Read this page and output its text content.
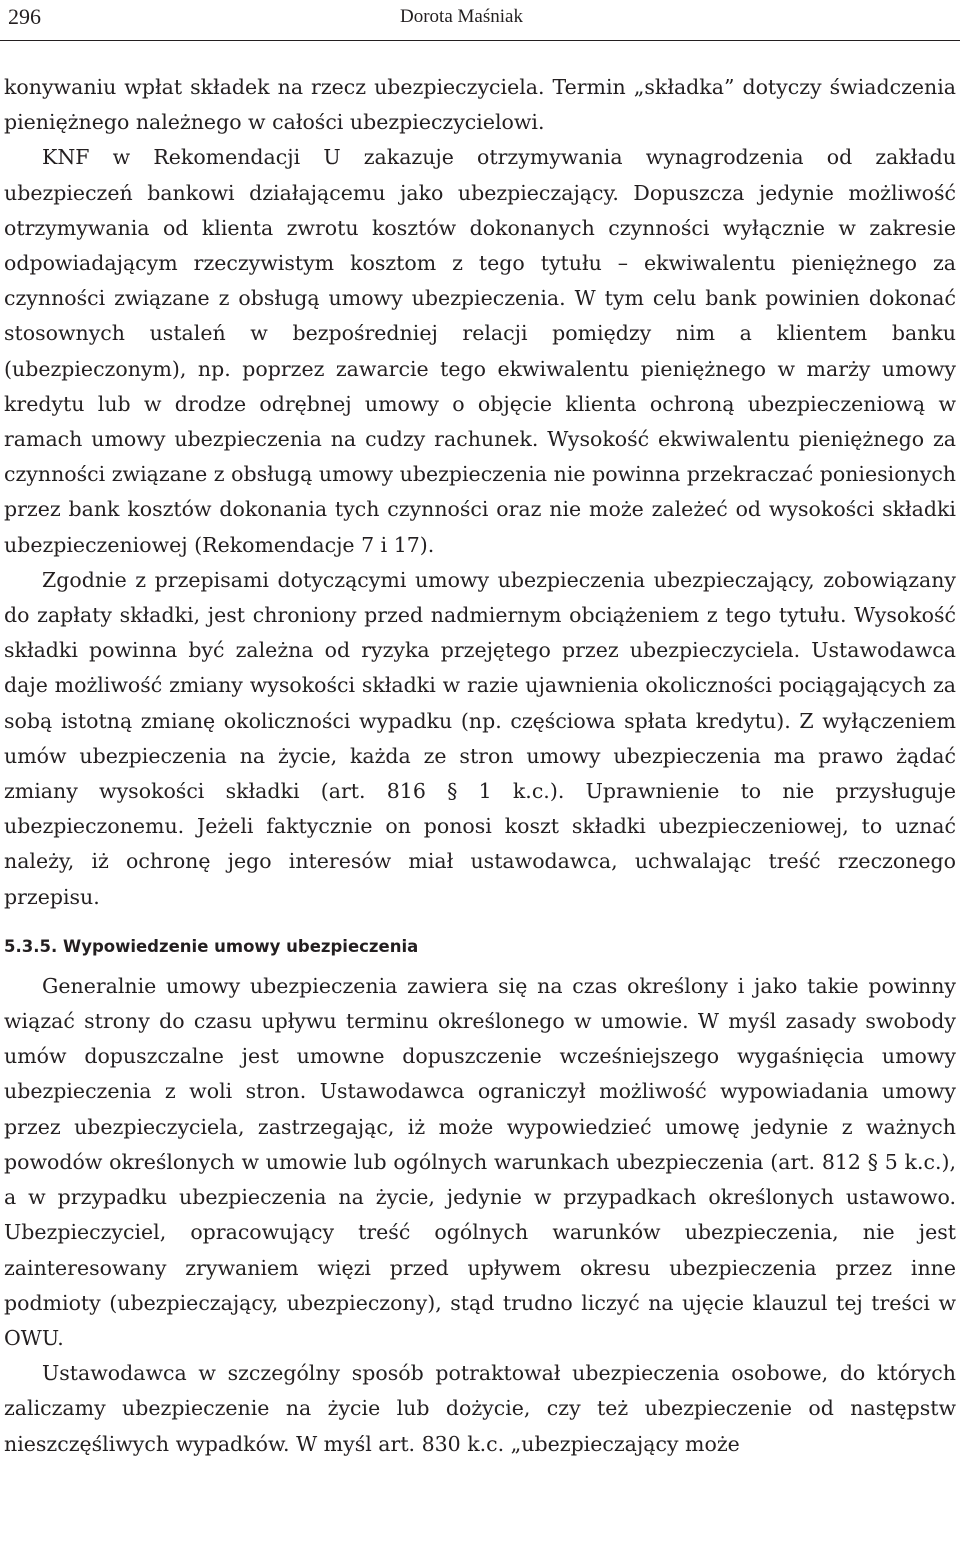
296	Dorota Maśniak

konywaniu wpłat składek na rzecz ubezpieczyciela. Termin „składka” dotyczy świadczenia pieniężnego należnego w całości ubezpieczycielowi.

KNF w Rekomendacji U zakazuje otrzymywania wynagrodzenia od zakładu ubezpieczeń bankowi działającemu jako ubezpieczający. Dopuszcza jedynie możliwość otrzymywania od klienta zwrotu kosztów dokonanych czynności wyłącznie w zakresie odpowiadającym rzeczywistym kosztom z tego tytułu – ekwiwalentu pieniężnego za czynności związane z obsługą umowy ubezpieczenia. W tym celu bank powinien dokonać stosownych ustaleń w bezpośredniej relacji pomiędzy nim a klientem banku (ubezpieczonym), np. poprzez zawarcie tego ekwiwalentu pieniężnego w marży umowy kredytu lub w drodze odrębnej umowy o objęcie klienta ochroną ubezpieczeniową w ramach umowy ubezpieczenia na cudzy rachunek. Wysokość ekwiwalentu pieniężnego za czynności związane z obsługą umowy ubezpieczenia nie powinna przekraczać poniesionych przez bank kosztów dokonania tych czynności oraz nie może zależeć od wysokości składki ubezpieczeniowej (Rekomendacje 7 i 17).

Zgodnie z przepisami dotyczącymi umowy ubezpieczenia ubezpieczający, zobowiązany do zapłaty składki, jest chroniony przed nadmiernym obciążeniem z tego tytułu. Wysokość składki powinna być zależna od ryzyka przejętego przez ubezpieczyciela. Ustawodawca daje możliwość zmiany wysokości składki w razie ujawnienia okoliczności pociągających za sobą istotną zmianę okoliczności wypadku (np. częściowa spłata kredytu). Z wyłączeniem umów ubezpieczenia na życie, każda ze stron umowy ubezpieczenia ma prawo żądać zmiany wysokości składki (art. 816 § 1 k.c.). Uprawnienie to nie przysługuje ubezpieczonemu. Jeżeli faktycznie on ponosi koszt składki ubezpieczeniowej, to uznać należy, iż ochronę jego interesów miał ustawodawca, uchwalając treść rzeczonego przepisu.

5.3.5. Wypowiedzenie umowy ubezpieczenia

Generalnie umowy ubezpieczenia zawiera się na czas określony i jako takie powinny wiązać strony do czasu upływu terminu określonego w umowie. W myśl zasady swobody umów dopuszczalne jest umowne dopuszczenie wcześniejszego wygaśnięcia umowy ubezpieczenia z woli stron. Ustawodawca ograniczył możliwość wypowiadania umowy przez ubezpieczyciela, zastrzegając, iż może wypowiedzieć umowę jedynie z ważnych powodów określonych w umowie lub ogólnych warunkach ubezpieczenia (art. 812 § 5 k.c.), a w przypadku ubezpieczenia na życie, jedynie w przypadkach określonych ustawowo. Ubezpieczyciel, opracowujący treść ogólnych warunków ubezpieczenia, nie jest zainteresowany zrywaniem więzi przed upływem okresu ubezpieczenia przez inne podmioty (ubezpieczający, ubezpieczony), stąd trudno liczyć na ujęcie klauzul tej treści w OWU.

Ustawodawca w szczególny sposób potraktował ubezpieczenia osobowe, do których zaliczamy ubezpieczenie na życie lub dożycie, czy też ubezpieczenie od następstw nieszczęśliwych wypadków. W myśl art. 830 k.c. „ubezpieczający może
